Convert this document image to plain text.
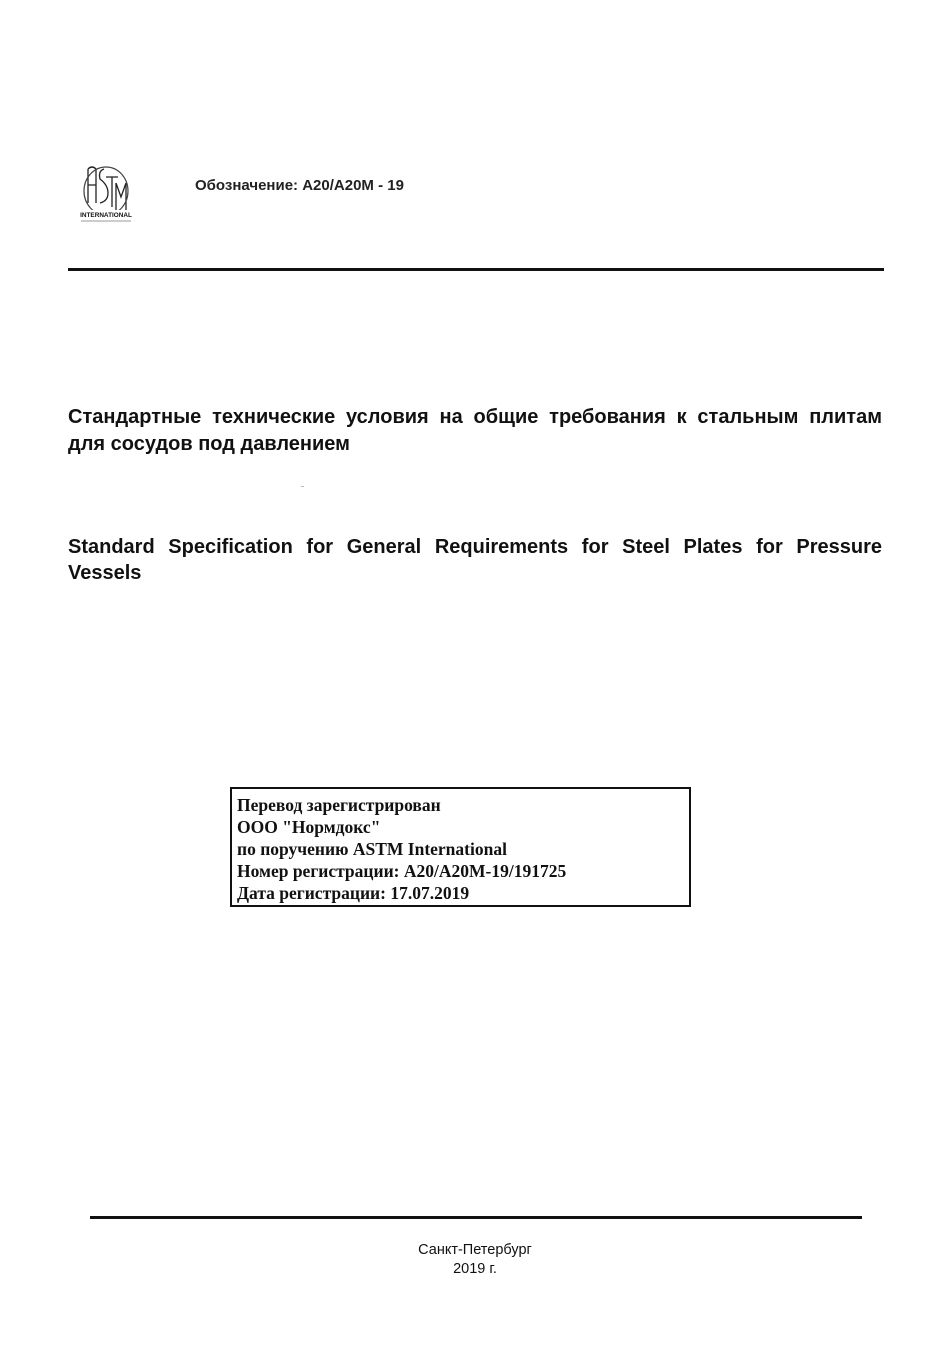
INTERNATIONAL
Обозначение: A20/A20M - 19
Стандартные технические условия на общие требования к стальным плитам для сосудов под давлением
Standard Specification for General Requirements for Steel Plates for Pressure Vessels
Перевод зарегистрирован
ООО "Нормдокс"
по поручению ASTM International
Номер регистрации: A20/A20M-19/191725
Дата регистрации: 17.07.2019
Санкт-Петербург
2019 г.
